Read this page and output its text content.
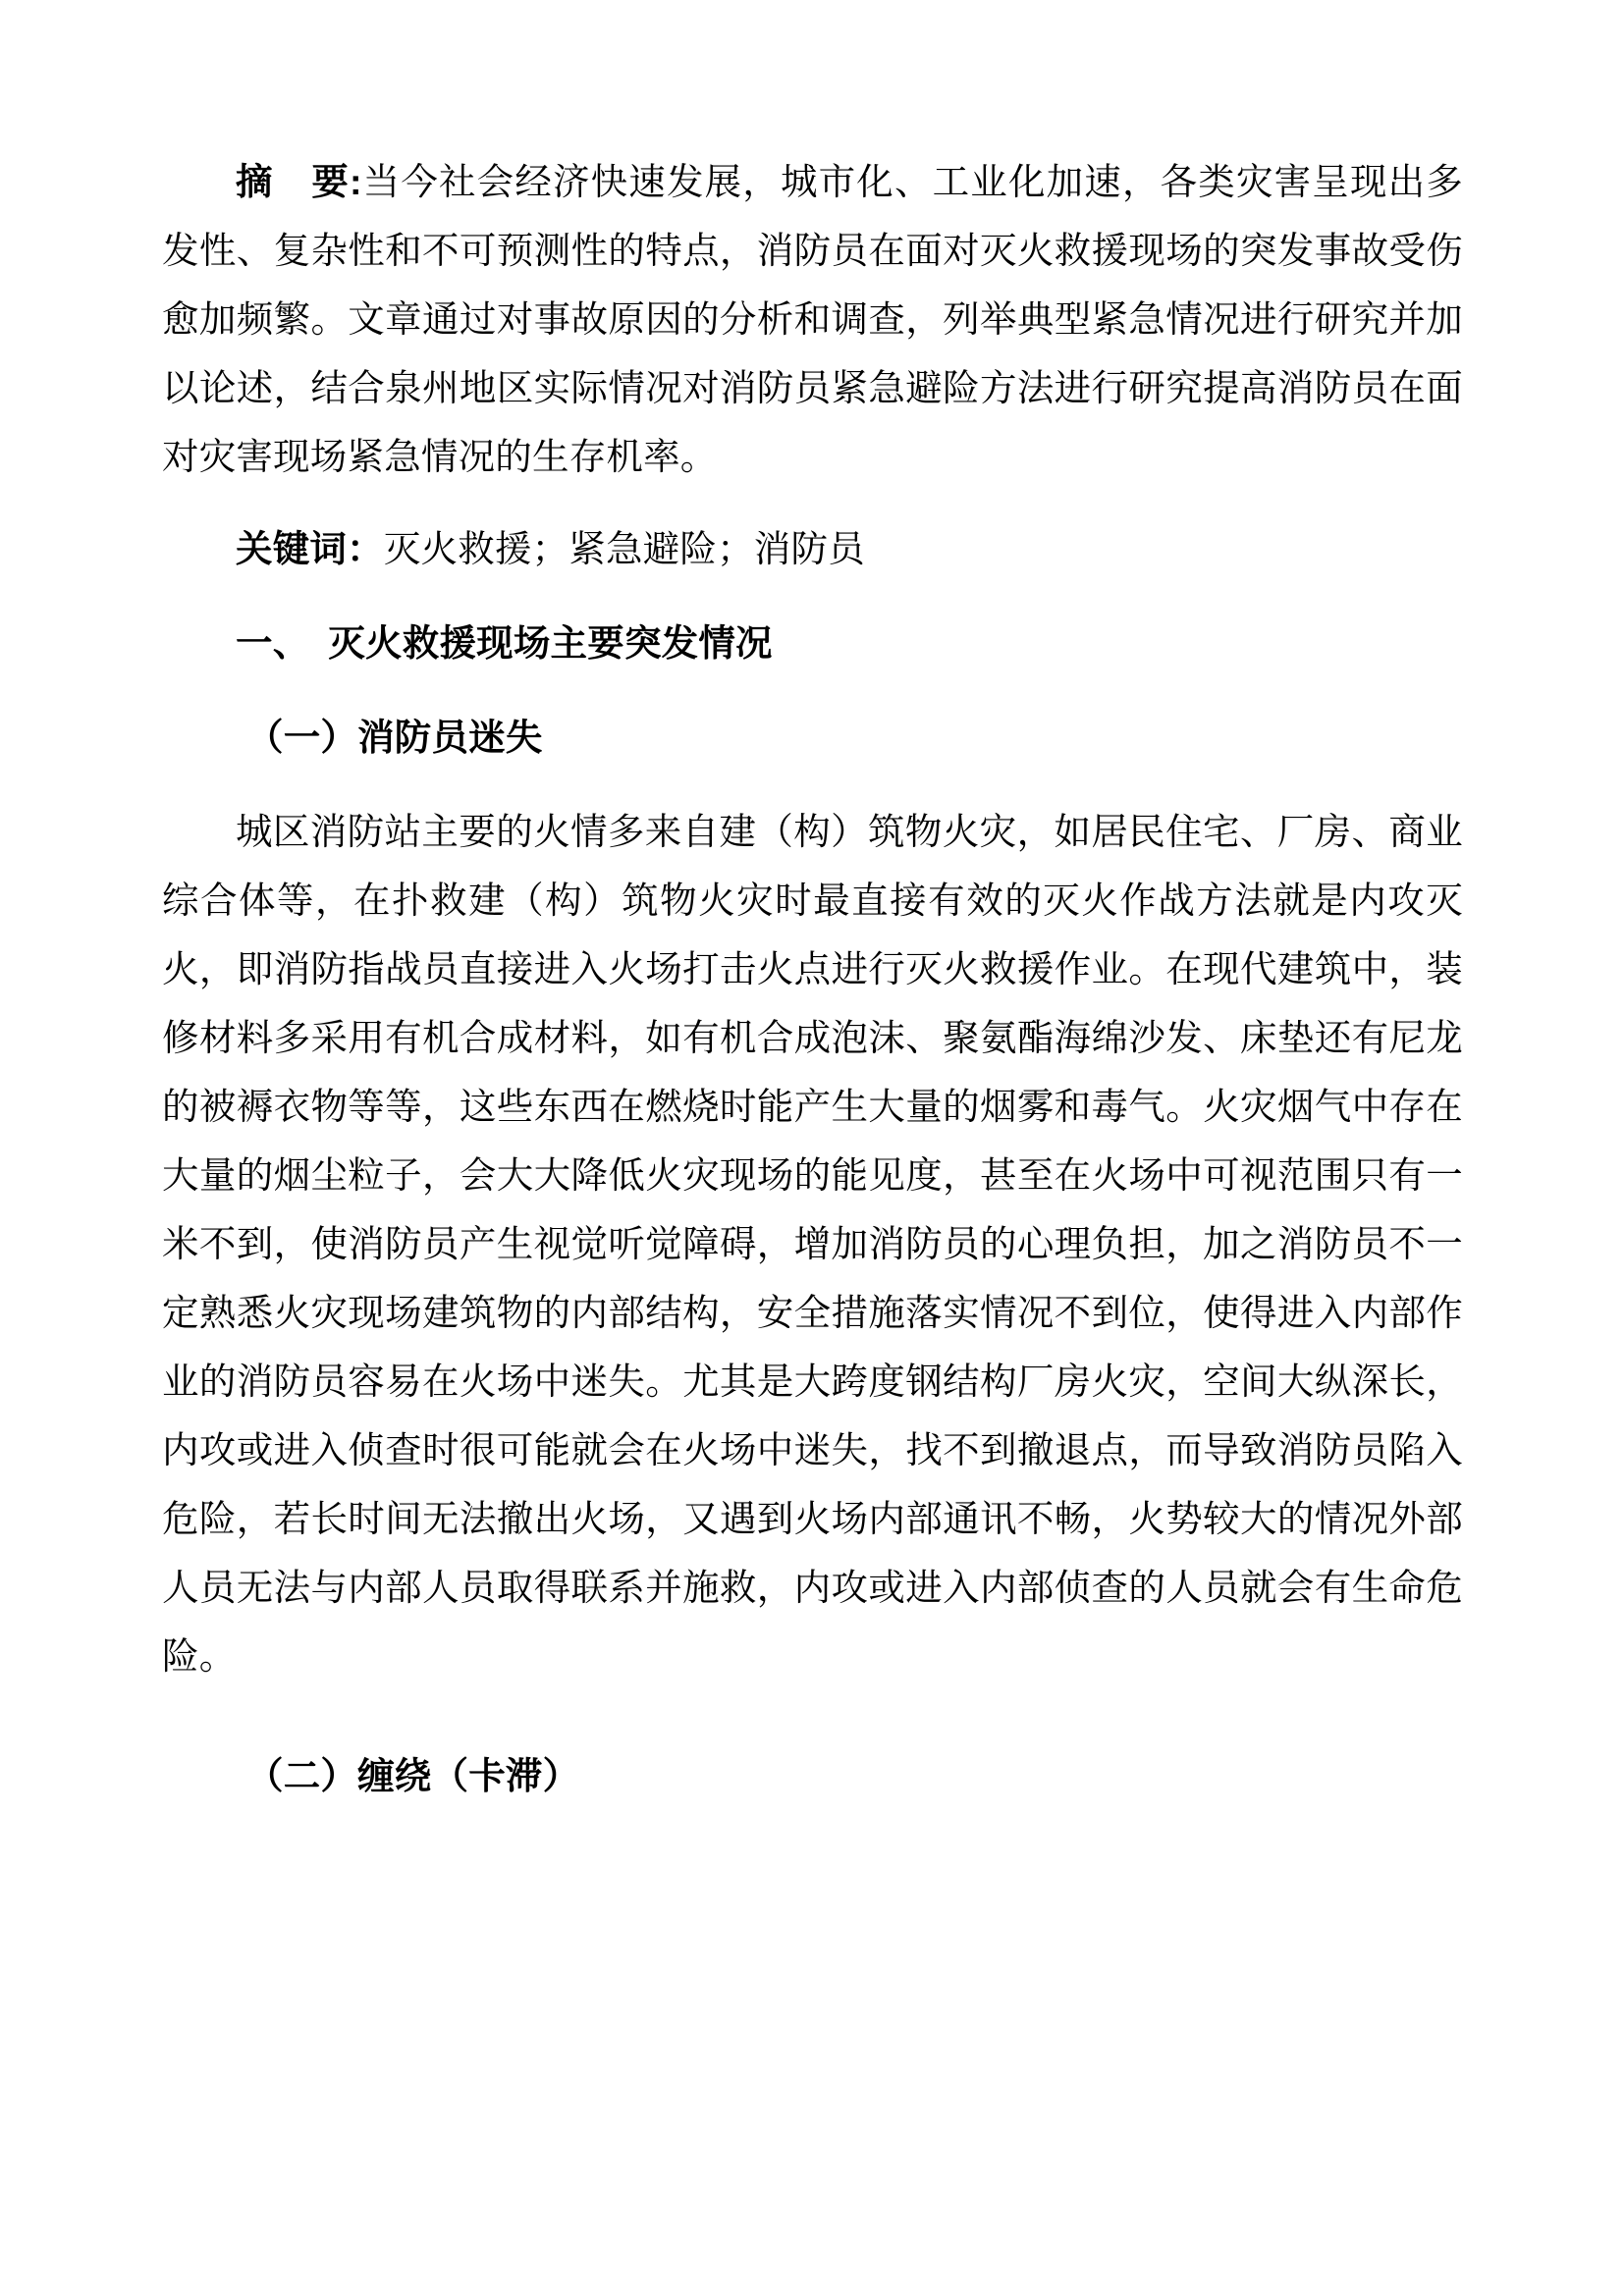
摘　要:当今社会经济快速发展，城市化、工业化加速，各类灾害呈现出多发性、复杂性和不可预测性的特点，消防员在面对灭火救援现场的突发事故受伤愈加频繁。文章通过对事故原因的分析和调查，列举典型紧急情况进行研究并加以论述，结合泉州地区实际情况对消防员紧急避险方法进行研究提高消防员在面对灾害现场紧急情况的生存机率。

关键词：灭火救援；紧急避险；消防员

一、　灭火救援现场主要突发情况
（一）消防员迷失

城区消防站主要的火情多来自建（构）筑物火灾，如居民住宅、厂房、商业综合体等，在扑救建（构）筑物火灾时最直接有效的灭火作战方法就是内攻灭火，即消防指战员直接进入火场打击火点进行灭火救援作业。在现代建筑中，装修材料多采用有机合成材料，如有机合成泡沫、聚氨酯海绵沙发、床垫还有尼龙的被褥衣物等等，这些东西在燃烧时能产生大量的烟雾和毒气。火灾烟气中存在大量的烟尘粒子，会大大降低火灾现场的能见度，甚至在火场中可视范围只有一米不到，使消防员产生视觉听觉障碍，增加消防员的心理负担，加之消防员不一定熟悉火灾现场建筑物的内部结构，安全措施落实情况不到位，使得进入内部作业的消防员容易在火场中迷失。尤其是大跨度钢结构厂房火灾，空间大纵深长，内攻或进入侦查时很可能就会在火场中迷失，找不到撤退点，而导致消防员陷入危险，若长时间无法撤出火场，又遇到火场内部通讯不畅，火势较大的情况外部人员无法与内部人员取得联系并施救，内攻或进入内部侦查的人员就会有生命危险。

（二）缠绕（卡滞）
